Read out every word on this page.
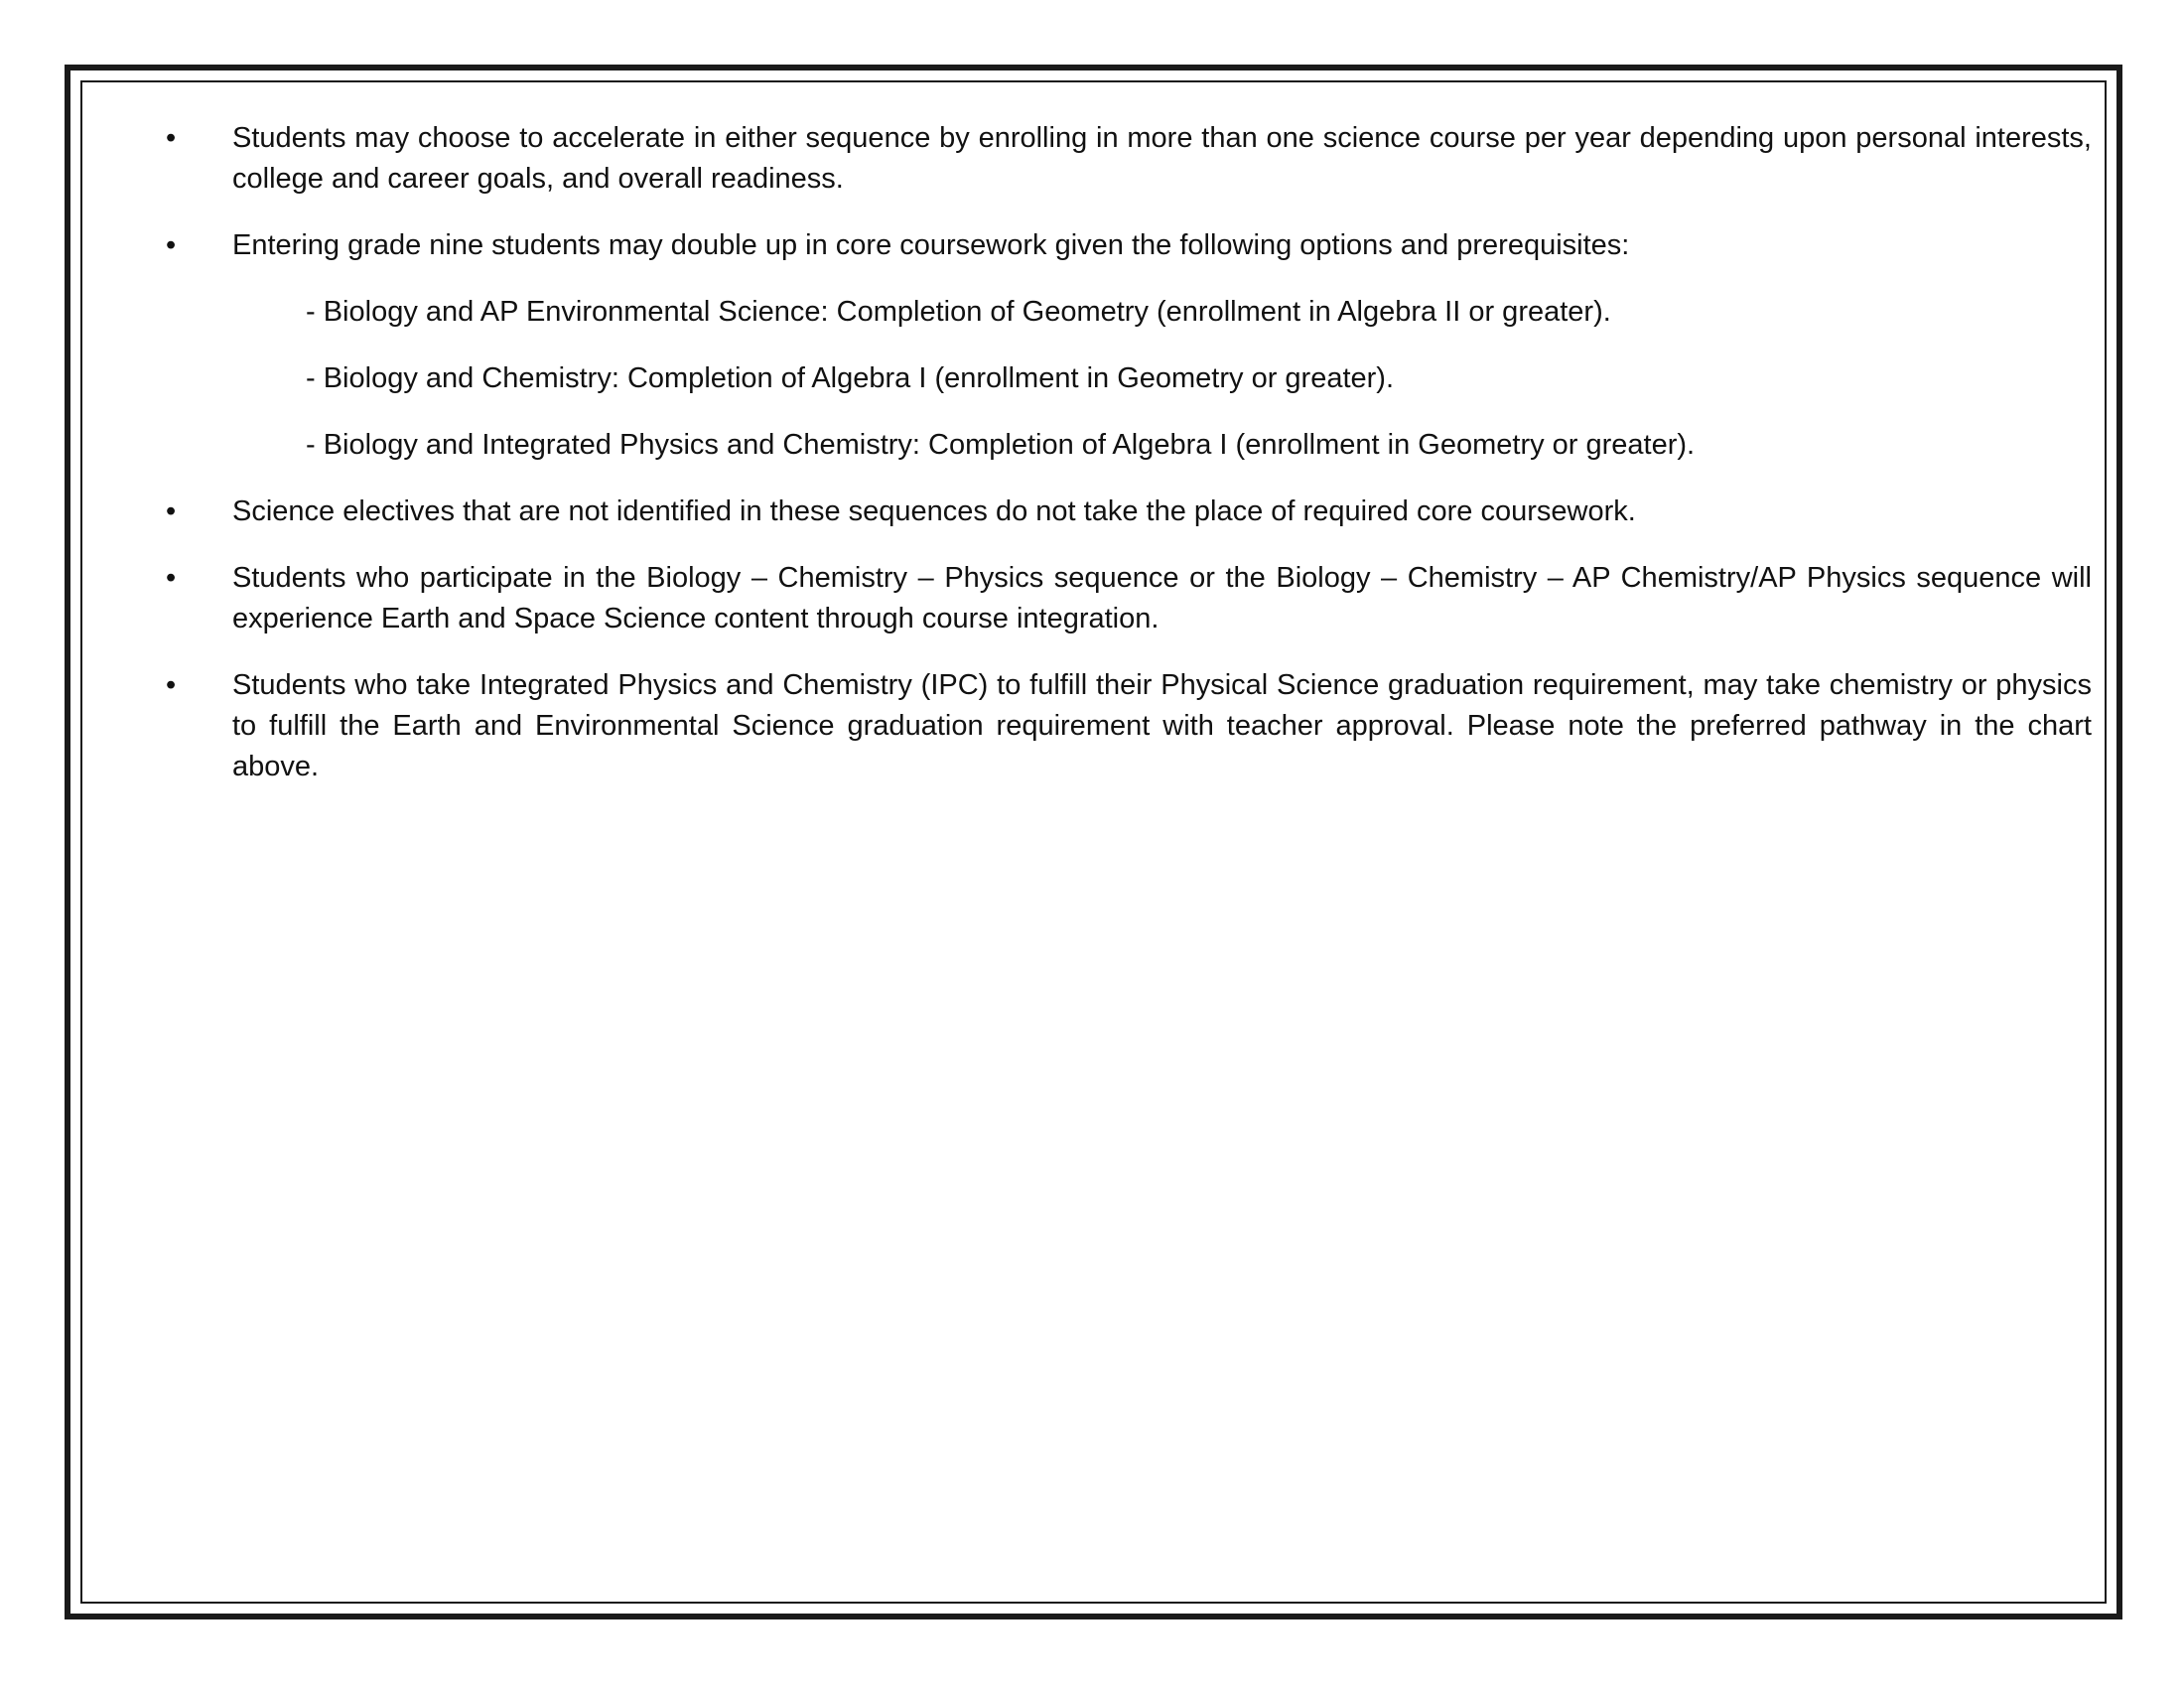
• Students may choose to accelerate in either sequence by enrolling in more than one science course per year depending upon personal interests, college and career goals, and overall readiness.
• Entering grade nine students may double up in core coursework given the following options and prerequisites:
- Biology and AP Environmental Science: Completion of Geometry (enrollment in Algebra II or greater).
- Biology and Chemistry: Completion of Algebra I (enrollment in Geometry or greater).
- Biology and Integrated Physics and Chemistry: Completion of Algebra I (enrollment in Geometry or greater).
• Science electives that are not identified in these sequences do not take the place of required core coursework.
• Students who participate in the Biology – Chemistry – Physics sequence or the Biology – Chemistry – AP Chemistry/AP Physics sequence will experience Earth and Space Science content through course integration.
• Students who take Integrated Physics and Chemistry (IPC) to fulfill their Physical Science graduation requirement, may take chemistry or physics to fulfill the Earth and Environmental Science graduation requirement with teacher approval. Please note the preferred pathway in the chart above.
